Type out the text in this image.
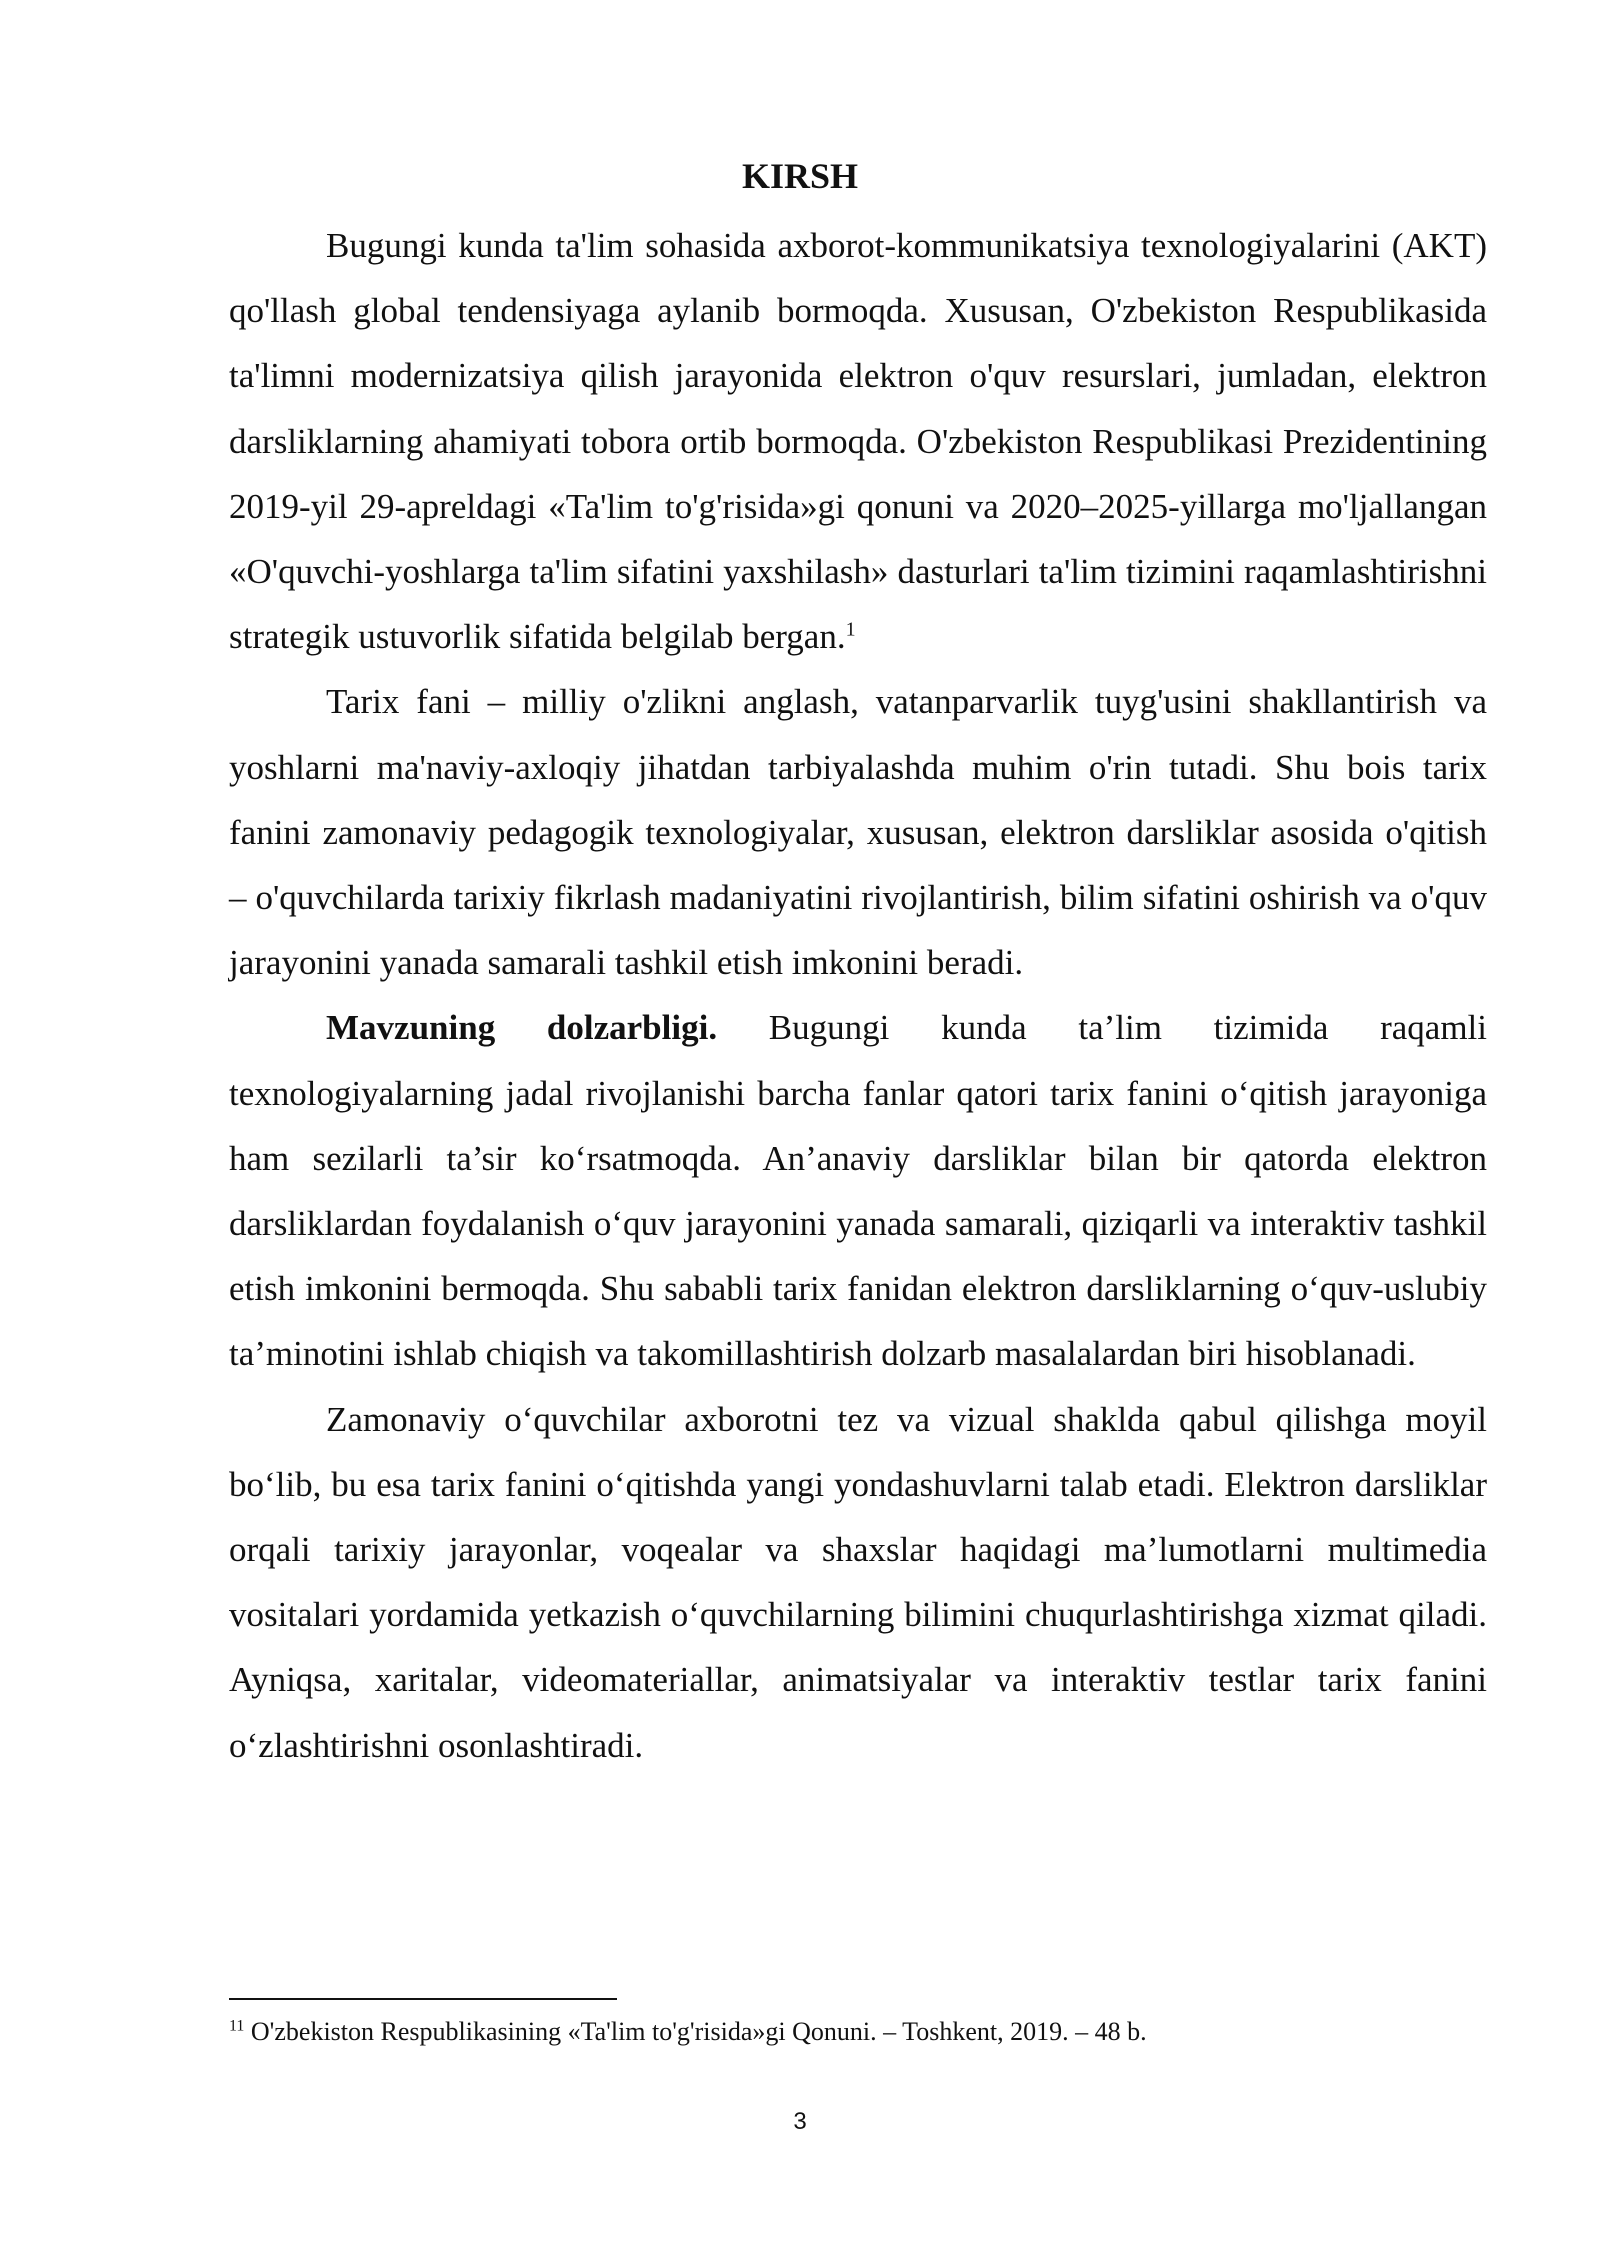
KIRSH

Bugungi kunda ta'lim sohasida axborot-kommunikatsiya texnologiyalarini (AKT) qo'llash global tendensiyaga aylanib bormoqda. Xususan, O'zbekiston Respublikasida ta'limni modernizatsiya qilish jarayonida elektron o'quv resurslari, jumladan, elektron darsliklarning ahamiyati tobora ortib bormoqda. O'zbekiston Respublikasi Prezidentining 2019-yil 29-apreldagi «Ta'lim to'g'risida»gi qonuni va 2020–2025-yillarga mo'ljallangan «O'quvchi-yoshlarga ta'lim sifatini yaxshilash» dasturlari ta'lim tizimini raqamlashtirishni strategik ustuvorlik sifatida belgilab bergan.$^1$

Tarix fani – milliy o'zlikni anglash, vatanparvarlik tuyg'usini shakllantirish va yoshlarni ma'naviy-axloqiy jihatdan tarbiyalashda muhim o'rin tutadi. Shu bois tarix fanini zamonaviy pedagogik texnologiyalar, xususan, elektron darsliklar asosida o'qitish – o'quvchilarda tarixiy fikrlash madaniyatini rivojlantirish, bilim sifatini oshirish va o'quv jarayonini yanada samarali tashkil etish imkonini beradi.

Mavzuning dolzarbligi. Bugungi kunda ta’lim tizimida raqamli texnologiyalarning jadal rivojlanishi barcha fanlar qatori tarix fanini o‘qitish jarayoniga ham sezilarli ta’sir ko‘rsatmoqda. An’anaviy darsliklar bilan bir qatorda elektron darsliklardan foydalanish o‘quv jarayonini yanada samarali, qiziqarli va interaktiv tashkil etish imkonini bermoqda. Shu sababli tarix fanidan elektron darsliklarning o‘quv-uslubiy ta’minotini ishlab chiqish va takomillashtirish dolzarb masalalardan biri hisoblanadi.

Zamonaviy o‘quvchilar axborotni tez va vizual shaklda qabul qilishga moyil bo‘lib, bu esa tarix fanini o‘qitishda yangi yondashuvlarni talab etadi. Elektron darsliklar orqali tarixiy jarayonlar, voqealar va shaxslar haqidagi ma’lumotlarni multimedia vositalari yordamida yetkazish o‘quvchilarning bilimini chuqurlashtirishga xizmat qiladi. Ayniqsa, xaritalar, videomateriallar, animatsiyalar va interaktiv testlar tarix fanini o‘zlashtirishni osonlashtiradi.

$^{11}$ O'zbekiston Respublikasining «Ta'lim to'g'risida»gi Qonuni. – Toshkent, 2019. – 48 b.

3
